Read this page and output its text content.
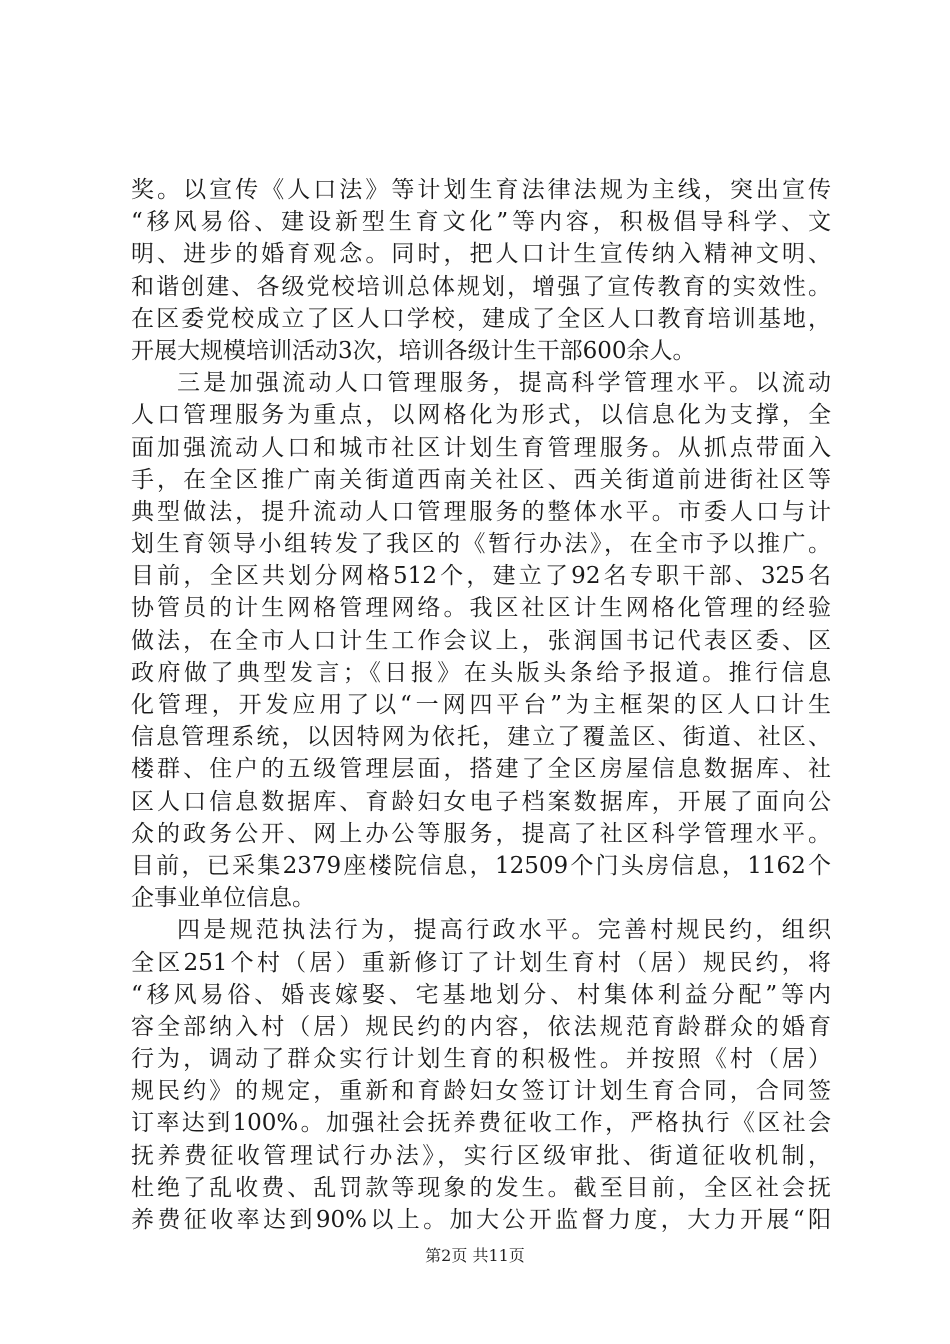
奖。以宣传《人口法》等计划生育法律法规为主线，突出宣传
“移风易俗、建设新型生育文化”等内容，积极倡导科学、文
明、进步的婚育观念。同时，把人口计生宣传纳入精神文明、
和谐创建、各级党校培训总体规划，增强了宣传教育的实效性。
在区委党校成立了区人口学校，建成了全区人口教育培训基地，
开展大规模培训活动3次，培训各级计生干部600余人。
三是加强流动人口管理服务，提高科学管理水平。以流动
人口管理服务为重点，以网格化为形式，以信息化为支撑，全
面加强流动人口和城市社区计划生育管理服务。从抓点带面入
手，在全区推广南关街道西南关社区、西关街道前进街社区等
典型做法，提升流动人口管理服务的整体水平。市委人口与计
划生育领导小组转发了我区的《暂行办法》，在全市予以推广。
目前，全区共划分网格512个，建立了92名专职干部、325名
协管员的计生网格管理网络。我区社区计生网格化管理的经验
做法，在全市人口计生工作会议上，张润国书记代表区委、区
政府做了典型发言；《日报》在头版头条给予报道。推行信息
化管理，开发应用了以“一网四平台”为主框架的区人口计生
信息管理系统，以因特网为依托，建立了覆盖区、街道、社区、
楼群、住户的五级管理层面，搭建了全区房屋信息数据库、社
区人口信息数据库、育龄妇女电子档案数据库，开展了面向公
众的政务公开、网上办公等服务，提高了社区科学管理水平。
目前，已采集2379座楼院信息，12509个门头房信息，1162个
企事业单位信息。
四是规范执法行为，提高行政水平。完善村规民约，组织
全区251个村（居）重新修订了计划生育村（居）规民约，将
“移风易俗、婚丧嫁娶、宅基地划分、村集体利益分配”等内
容全部纳入村（居）规民约的内容，依法规范育龄群众的婚育
行为，调动了群众实行计划生育的积极性。并按照《村（居）
规民约》的规定，重新和育龄妇女签订计划生育合同，合同签
订率达到100%。加强社会抚养费征收工作，严格执行《区社会
抚养费征收管理试行办法》，实行区级审批、街道征收机制，
杜绝了乱收费、乱罚款等现象的发生。截至目前，全区社会抚
养费征收率达到90%以上。加大公开监督力度，大力开展“阳
第2页 共11页
